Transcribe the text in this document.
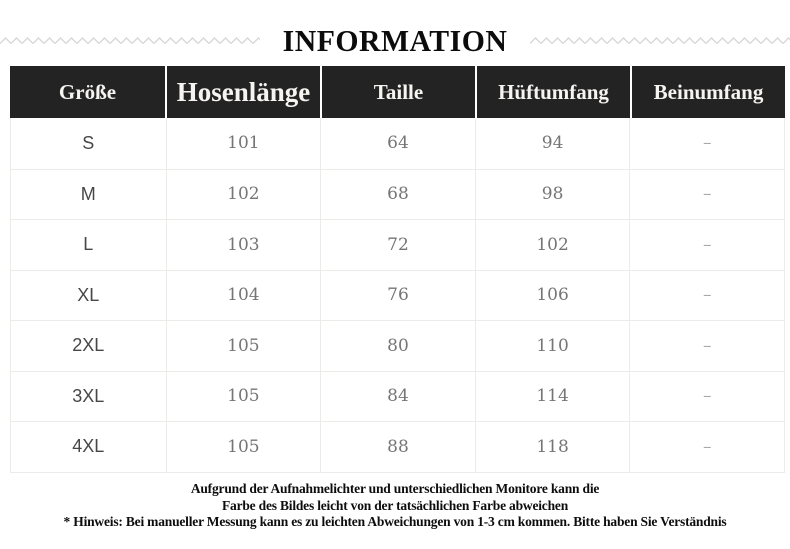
INFORMATION
Größe	Hosenlänge	Taille	Hüftumfang	Beinumfang
S	101	64	94	–
M	102	68	98	–
L	103	72	102	–
XL	104	76	106	–
2XL	105	80	110	–
3XL	105	84	114	–
4XL	105	88	118	–

Aufgrund der Aufnahmelichter und unterschiedlichen Monitore kann die

Farbe des Bildes leicht von der tatsächlichen Farbe abweichen

* Hinweis: Bei manueller Messung kann es zu leichten Abweichungen von 1-3 cm kommen. Bitte haben Sie Verständnis
